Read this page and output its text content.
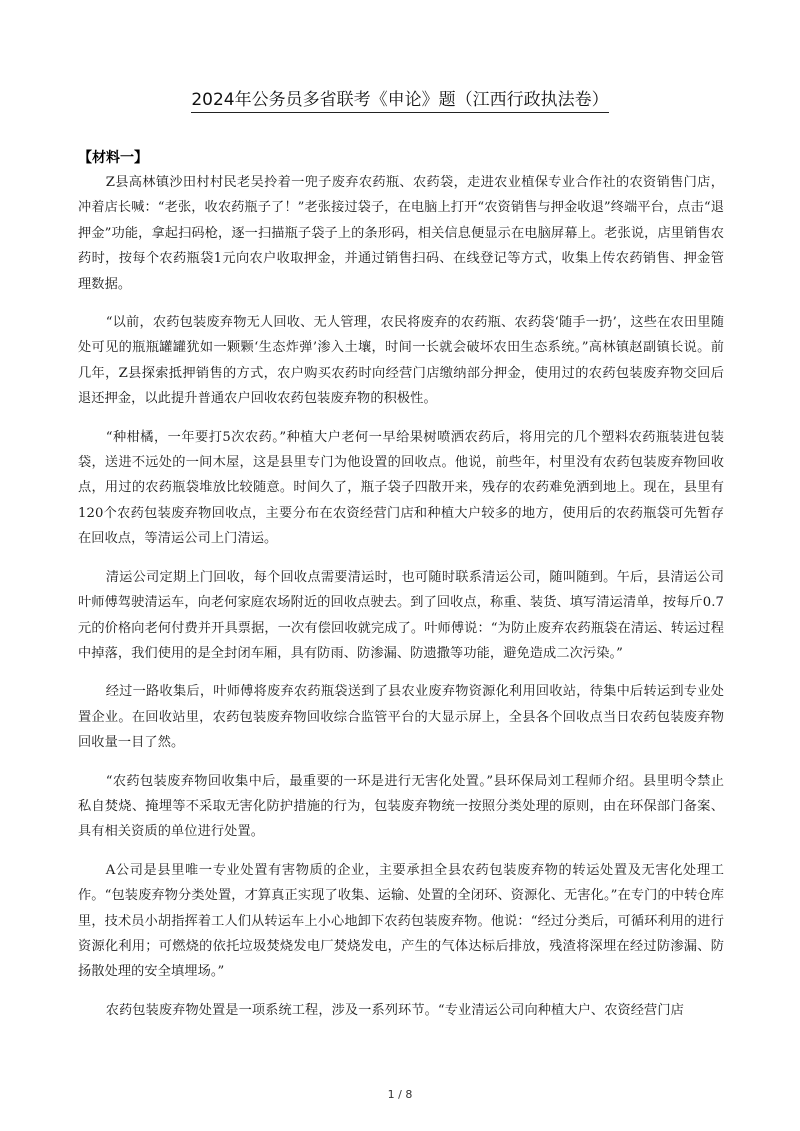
2024年公务员多省联考《申论》题（江西行政执法卷）
【材料一】

Z县高林镇沙田村村民老吴拎着一兜子废弃农药瓶、农药袋，走进农业植保专业合作社的农资销售门店，冲着店长喊：“老张，收农药瓶子了！”老张接过袋子，在电脑上打开“农资销售与押金收退”终端平台，点击“退押金”功能，拿起扫码枪，逐一扫描瓶子袋子上的条形码，相关信息便显示在电脑屏幕上。老张说，店里销售农药时，按每个农药瓶袋1元向农户收取押金，并通过销售扫码、在线登记等方式，收集上传农药销售、押金管理数据。

“以前，农药包装废弃物无人回收、无人管理，农民将废弃的农药瓶、农药袋‘随手一扔’，这些在农田里随处可见的瓶瓶罐罐犹如一颗颗‘生态炸弹’渗入土壤，时间一长就会破坏农田生态系统。”高林镇赵副镇长说。前几年，Z县探索抵押销售的方式，农户购买农药时向经营门店缴纳部分押金，使用过的农药包装废弃物交回后退还押金，以此提升普通农户回收农药包装废弃物的积极性。

“种柑橘，一年要打5次农药。”种植大户老何一早给果树喷洒农药后，将用完的几个塑料农药瓶装进包装袋，送进不远处的一间木屋，这是县里专门为他设置的回收点。他说，前些年，村里没有农药包装废弃物回收点，用过的农药瓶袋堆放比较随意。时间久了，瓶子袋子四散开来，残存的农药难免洒到地上。现在，县里有120个农药包装废弃物回收点，主要分布在农资经营门店和种植大户较多的地方，使用后的农药瓶袋可先暂存在回收点，等清运公司上门清运。

清运公司定期上门回收，每个回收点需要清运时，也可随时联系清运公司，随叫随到。午后，县清运公司叶师傅驾驶清运车，向老何家庭农场附近的回收点驶去。到了回收点，称重、装货、填写清运清单，按每斤0.7元的价格向老何付费并开具票据，一次有偿回收就完成了。叶师傅说：“为防止废弃农药瓶袋在清运、转运过程中掉落，我们使用的是全封闭车厢，具有防雨、防渗漏、防遗撒等功能，避免造成二次污染。”

经过一路收集后，叶师傅将废弃农药瓶袋送到了县农业废弃物资源化利用回收站，待集中后转运到专业处置企业。在回收站里，农药包装废弃物回收综合监管平台的大显示屏上，全县各个回收点当日农药包装废弃物回收量一目了然。

“农药包装废弃物回收集中后，最重要的一环是进行无害化处置。”县环保局刘工程师介绍。县里明令禁止私自焚烧、掩埋等不采取无害化防护措施的行为，包装废弃物统一按照分类处理的原则，由在环保部门备案、具有相关资质的单位进行处置。

A公司是县里唯一专业处置有害物质的企业，主要承担全县农药包装废弃物的转运处置及无害化处理工作。“包装废弃物分类处置，才算真正实现了收集、运输、处置的全闭环、资源化、无害化。”在专门的中转仓库里，技术员小胡指挥着工人们从转运车上小心地卸下农药包装废弃物。他说：“经过分类后，可循环利用的进行资源化利用；可燃烧的依托垃圾焚烧发电厂焚烧发电，产生的气体达标后排放，残渣将深埋在经过防渗漏、防扬散处理的安全填埋场。”

农药包装废弃物处置是一项系统工程，涉及一系列环节。“专业清运公司向种植大户、农资经营门店

1 / 8
